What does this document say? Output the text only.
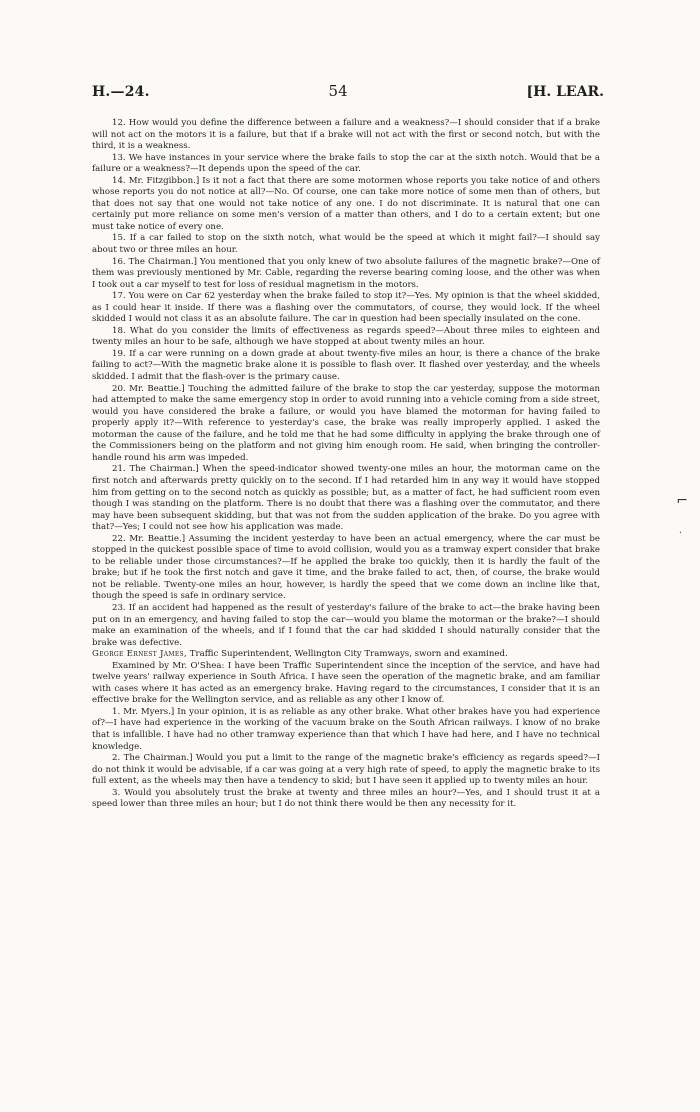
H.—24.	54	[H. LEAR.

12. How would you define the difference between a failure and a weakness?—I should consider that if a brake will not act on the motors it is a failure, but that if a brake will not act with the first or second notch, but with the third, it is a weakness.

13. We have instances in your service where the brake fails to stop the car at the sixth notch. Would that be a failure or a weakness?—It depends upon the speed of the car.

14. Mr. Fitzgibbon.] Is it not a fact that there are some motormen whose reports you take notice of and others whose reports you do not notice at all?—No. Of course, one can take more notice of some men than of others, but that does not say that one would not take notice of any one. I do not discriminate. It is natural that one can certainly put more reliance on some men's version of a matter than others, and I do to a certain extent; but one must take notice of every one.

15. If a car failed to stop on the sixth notch, what would be the speed at which it might fail?—I should say about two or three miles an hour.

16. The Chairman.] You mentioned that you only knew of two absolute failures of the magnetic brake?—One of them was previously mentioned by Mr. Cable, regarding the reverse bearing coming loose, and the other was when I took out a car myself to test for loss of residual magnetism in the motors.

17. You were on Car 62 yesterday when the brake failed to stop it?—Yes. My opinion is that the wheel skidded, as I could hear it inside. If there was a flashing over the commutators, of course, they would lock. If the wheel skidded I would not class it as an absolute failure. The car in question had been specially insulated on the cone.

18. What do you consider the limits of effectiveness as regards speed?—About three miles to eighteen and twenty miles an hour to be safe, although we have stopped at about twenty miles an hour.

19. If a car were running on a down grade at about twenty-five miles an hour, is there a chance of the brake failing to act?—With the magnetic brake alone it is possible to flash over. It flashed over yesterday, and the wheels skidded. I admit that the flash-over is the primary cause.

20. Mr. Beattie.] Touching the admitted failure of the brake to stop the car yesterday, suppose the motorman had attempted to make the same emergency stop in order to avoid running into a vehicle coming from a side street, would you have considered the brake a failure, or would you have blamed the motorman for having failed to properly apply it?—With reference to yesterday's case, the brake was really improperly applied. I asked the motorman the cause of the failure, and he told me that he had some difficulty in applying the brake through one of the Commissioners being on the platform and not giving him enough room. He said, when bringing the controller-handle round his arm was impeded.

21. The Chairman.] When the speed-indicator showed twenty-one miles an hour, the motorman came on the first notch and afterwards pretty quickly on to the second. If I had retarded him in any way it would have stopped him from getting on to the second notch as quickly as possible; but, as a matter of fact, he had sufficient room even though I was standing on the platform. There is no doubt that there was a flashing over the commutator, and there may have been subsequent skidding, but that was not from the sudden application of the brake. Do you agree with that?—Yes; I could not see how his application was made.

22. Mr. Beattie.] Assuming the incident yesterday to have been an actual emergency, where the car must be stopped in the quickest possible space of time to avoid collision, would you as a tramway expert consider that brake to be reliable under those circumstances?—If he applied the brake too quickly, then it is hardly the fault of the brake; but if he took the first notch and gave it time, and the brake failed to act, then, of course, the brake would not be reliable. Twenty-one miles an hour, however, is hardly the speed that we come down an incline like that, though the speed is safe in ordinary service.

23. If an accident had happened as the result of yesterday's failure of the brake to act—the brake having been put on in an emergency, and having failed to stop the car—would you blame the motorman or the brake?—I should make an examination of the wheels, and if I found that the car had skidded I should naturally consider that the brake was defective.

George Ernest James, Traffic Superintendent, Wellington City Tramways, sworn and examined.

Examined by Mr. O'Shea: I have been Traffic Superintendent since the inception of the service, and have had twelve years' railway experience in South Africa. I have seen the operation of the magnetic brake, and am familiar with cases where it has acted as an emergency brake. Having regard to the circumstances, I consider that it is an effective brake for the Wellington service, and as reliable as any other I know of.

1. Mr. Myers.] In your opinion, it is as reliable as any other brake. What other brakes have you had experience of?—I have had experience in the working of the vacuum brake on the South African railways. I know of no brake that is infallible. I have had no other tramway experience than that which I have had here, and I have no technical knowledge.

2. The Chairman.] Would you put a limit to the range of the magnetic brake's efficiency as regards speed?—I do not think it would be advisable, if a car was going at a very high rate of speed, to apply the magnetic brake to its full extent, as the wheels may then have a tendency to skid; but I have seen it applied up to twenty miles an hour.

3. Would you absolutely trust the brake at twenty and three miles an hour?—Yes, and I should trust it at a speed lower than three miles an hour; but I do not think there would be then any necessity for it.

⌐
·
